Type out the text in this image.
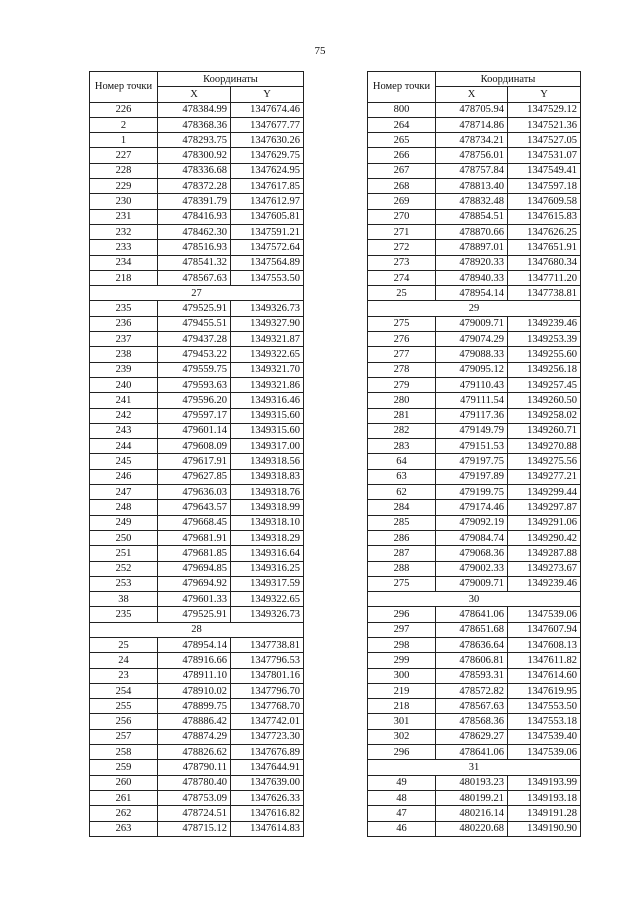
75
Номер точки	Координаты	
	X	Y
226	478384.99	1347674.46
2	478368.36	1347677.77
1	478293.75	1347630.26
227	478300.92	1347629.75
228	478336.68	1347624.95
229	478372.28	1347617.85
230	478391.79	1347612.97
231	478416.93	1347605.81
232	478462.30	1347591.21
233	478516.93	1347572.64
234	478541.32	1347564.89
218	478567.63	1347553.50
27		
235	479525.91	1349326.73
236	479455.51	1349327.90
237	479437.28	1349321.87
238	479453.22	1349322.65
239	479559.75	1349321.70
240	479593.63	1349321.86
241	479596.20	1349316.46
242	479597.17	1349315.60
243	479601.14	1349315.60
244	479608.09	1349317.00
245	479617.91	1349318.56
246	479627.85	1349318.83
247	479636.03	1349318.76
248	479643.57	1349318.99
249	479668.45	1349318.10
250	479681.91	1349318.29
251	479681.85	1349316.64
252	479694.85	1349316.25
253	479694.92	1349317.59
38	479601.33	1349322.65
235	479525.91	1349326.73
28		
25	478954.14	1347738.81
24	478916.66	1347796.53
23	478911.10	1347801.16
254	478910.02	1347796.70
255	478899.75	1347768.70
256	478886.42	1347742.01
257	478874.29	1347723.30
258	478826.62	1347676.89
259	478790.11	1347644.91
260	478780.40	1347639.00
261	478753.09	1347626.33
262	478724.51	1347616.82
263	478715.12	1347614.83
Номер точки	Координаты	
	X	Y
800	478705.94	1347529.12
264	478714.86	1347521.36
265	478734.21	1347527.05
266	478756.01	1347531.07
267	478757.84	1347549.41
268	478813.40	1347597.18
269	478832.48	1347609.58
270	478854.51	1347615.83
271	478870.66	1347626.25
272	478897.01	1347651.91
273	478920.33	1347680.34
274	478940.33	1347711.20
25	478954.14	1347738.81
29		
275	479009.71	1349239.46
276	479074.29	1349253.39
277	479088.33	1349255.60
278	479095.12	1349256.18
279	479110.43	1349257.45
280	479111.54	1349260.50
281	479117.36	1349258.02
282	479149.79	1349260.71
283	479151.53	1349270.88
64	479197.75	1349275.56
63	479197.89	1349277.21
62	479199.75	1349299.44
284	479174.46	1349297.87
285	479092.19	1349291.06
286	479084.74	1349290.42
287	479068.36	1349287.88
288	479002.33	1349273.67
275	479009.71	1349239.46
30		
296	478641.06	1347539.06
297	478651.68	1347607.94
298	478636.64	1347608.13
299	478606.81	1347611.82
300	478593.31	1347614.60
219	478572.82	1347619.95
218	478567.63	1347553.50
301	478568.36	1347553.18
302	478629.27	1347539.40
296	478641.06	1347539.06
31		
49	480193.23	1349193.99
48	480199.21	1349193.18
47	480216.14	1349191.28
46	480220.68	1349190.90
